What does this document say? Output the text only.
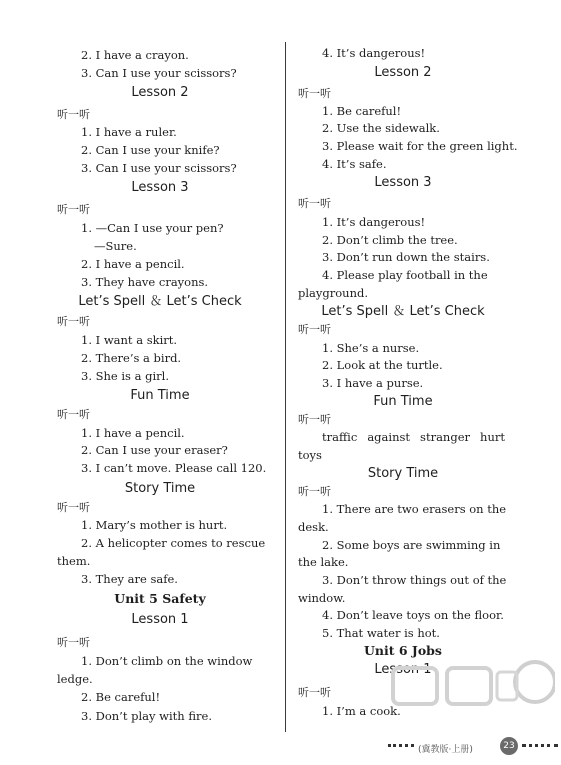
2. I have a crayon.
3. Can I use your scissors?
Lesson 2
听一听
1. I have a ruler.
2. Can I use your knife?
3. Can I use your scissors?
Lesson 3
听一听
1. —Can I use your pen?
—Sure.
2. I have a pencil.
3. They have crayons.
Let’s Spell ＆ Let’s Check
听一听
1. I want a skirt.
2. There’s a bird.
3. She is a girl.
Fun Time
听一听
1. I have a pencil.
2. Can I use your eraser?
3. I can’t move. Please call 120.
Story Time
听一听
1. Mary’s mother is hurt.
2. A helicopter comes to rescue
them.
3. They are safe.
Unit 5 Safety
Lesson 1
听一听
1. Don’t climb on the window
ledge.
2. Be careful!
3. Don’t play with fire.
4. It’s dangerous!
Lesson 2
听一听
1. Be careful!
2. Use the sidewalk.
3. Please wait for the green light.
4. It’s safe.
Lesson 3
听一听
1. It’s dangerous!
2. Don’t climb the tree.
3. Don’t run down the stairs.
4. Please play football in the
playground.
Let’s Spell ＆ Let’s Check
听一听
1. She’s a nurse.
2. Look at the turtle.
3. I have a purse.
Fun Time
听一听
traffic against stranger hurt
toys
Story Time
听一听
1. There are two erasers on the
desk.
2. Some boys are swimming in
the lake.
3. Don’t throw things out of the
window.
4. Don’t leave toys on the floor.
5. That water is hot.
Unit 6 Jobs
Lesson 1
听一听
1. I’m a cook.
(冀教版·上册)	23
